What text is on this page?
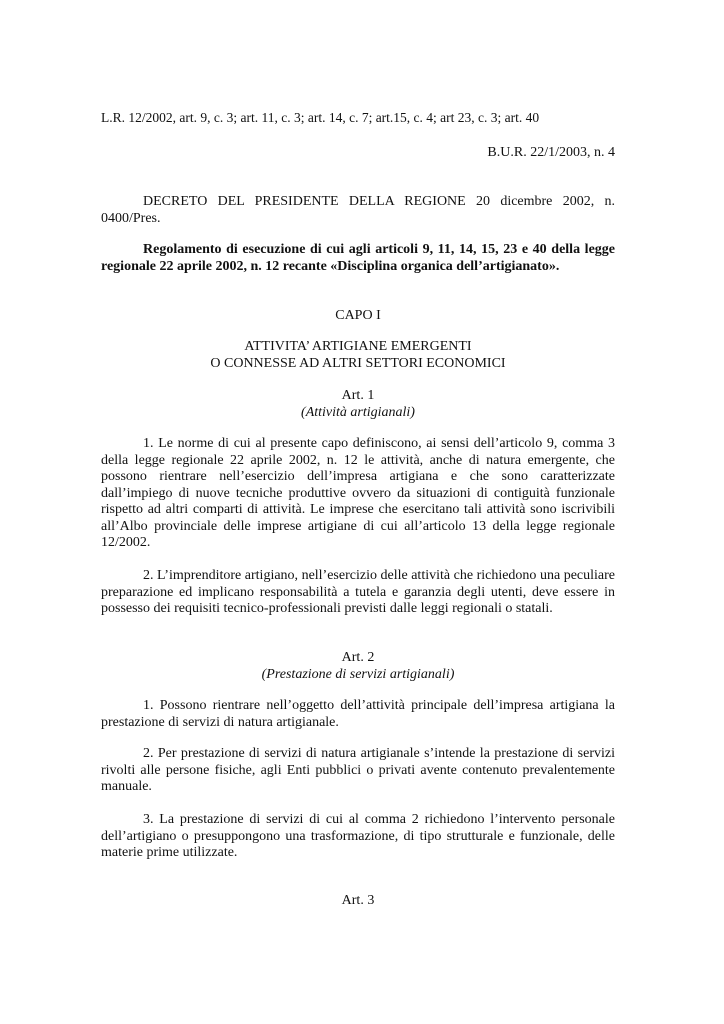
L.R. 12/2002, art. 9, c. 3; art. 11, c. 3; art. 14, c. 7; art.15, c. 4; art 23, c. 3; art. 40

B.U.R. 22/1/2003, n. 4

DECRETO DEL PRESIDENTE DELLA REGIONE 20 dicembre 2002, n. 0400/Pres.

Regolamento di esecuzione di cui agli articoli 9, 11, 14, 15, 23 e 40 della legge regionale 22 aprile 2002, n. 12 recante «Disciplina organica dell’artigianato».

CAPO I

ATTIVITA’ ARTIGIANE EMERGENTI
O CONNESSE AD ALTRI SETTORI ECONOMICI
Art. 1
(Attività artigianali)

1. Le norme di cui al presente capo definiscono, ai sensi dell’articolo 9, comma 3 della legge regionale 22 aprile 2002, n. 12 le attività, anche di natura emergente, che possono rientrare nell’esercizio dell’impresa artigiana e che sono caratterizzate dall’impiego di nuove tecniche produttive ovvero da situazioni di contiguità funzionale rispetto ad altri comparti di attività. Le imprese che esercitano tali attività sono iscrivibili all’Albo provinciale delle imprese artigiane di cui all’articolo 13 della legge regionale 12/2002.

2. L’imprenditore artigiano, nell’esercizio delle attività che richiedono una peculiare preparazione ed implicano responsabilità a tutela e garanzia degli utenti, deve essere in possesso dei requisiti tecnico-professionali previsti dalle leggi regionali o statali.

Art. 2
(Prestazione di servizi artigianali)

1. Possono rientrare nell’oggetto dell’attività principale dell’impresa artigiana la prestazione di servizi di natura artigianale.

2. Per prestazione di servizi di natura artigianale s’intende la prestazione di servizi rivolti alle persone fisiche, agli Enti pubblici o privati avente contenuto prevalentemente manuale.

3. La prestazione di servizi di cui al comma 2 richiedono l’intervento personale dell’artigiano o presuppongono una trasformazione, di tipo strutturale e funzionale, delle materie prime utilizzate.

Art. 3
